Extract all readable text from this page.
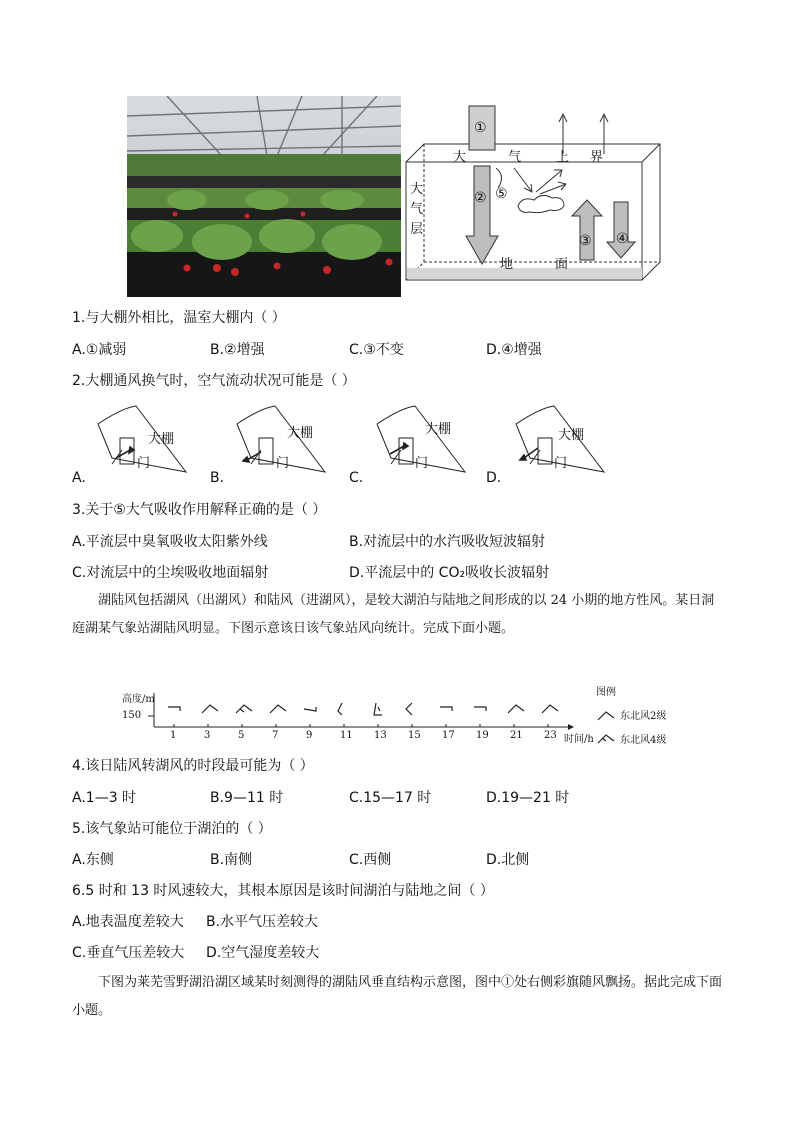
①
② ⑤
③ ④
大	气	上 界
大
气
层
地	面
1.与大棚外相比，温室大棚内（ ）
A.①减弱	B.②增强	C.③不变	D.④增强
2.大棚通风换气时，空气流动状况可能是（ ）
大棚	大棚	大棚	大棚
门	门	门	门
A.	B.	C.	D.
3.关于⑤大气吸收作用解释正确的是（ ）
A.平流层中臭氧吸收太阳紫外线	B.对流层中的水汽吸收短波辐射
C.对流层中的尘埃吸收地面辐射	D.平流层中的 CO₂吸收长波辐射
湖陆风包括湖风（出湖风）和陆风（进湖风），是较大湖泊与陆地之间形成的以 24 小期的地方性风。某日洞庭湖某气象站湖陆风明显。下图示意该日该气象站风向统计。完成下面小题。
高度/m
150
时间/h
1	3	5	7	9	11 13 15 17 19 21 23
图例
东北风2级
东北风4级
4.该日陆风转湖风的时段最可能为（ ）
A.1—3 时	B.9—11 时	C.15—17 时	D.19—21 时
5.该气象站可能位于湖泊的（ ）
A.东侧	B.南侧	C.西侧	D.北侧
6.5 时和 13 时风速较大，其根本原因是该时间湖泊与陆地之间（ ）
A.地表温度差较大 B.水平气压差较大
C.垂直气压差较大 D.空气湿度差较大
下图为莱芜雪野湖沿湖区域某时刻测得的湖陆风垂直结构示意图，图中①处右侧彩旗随风飘扬。据此完成下面小题。
